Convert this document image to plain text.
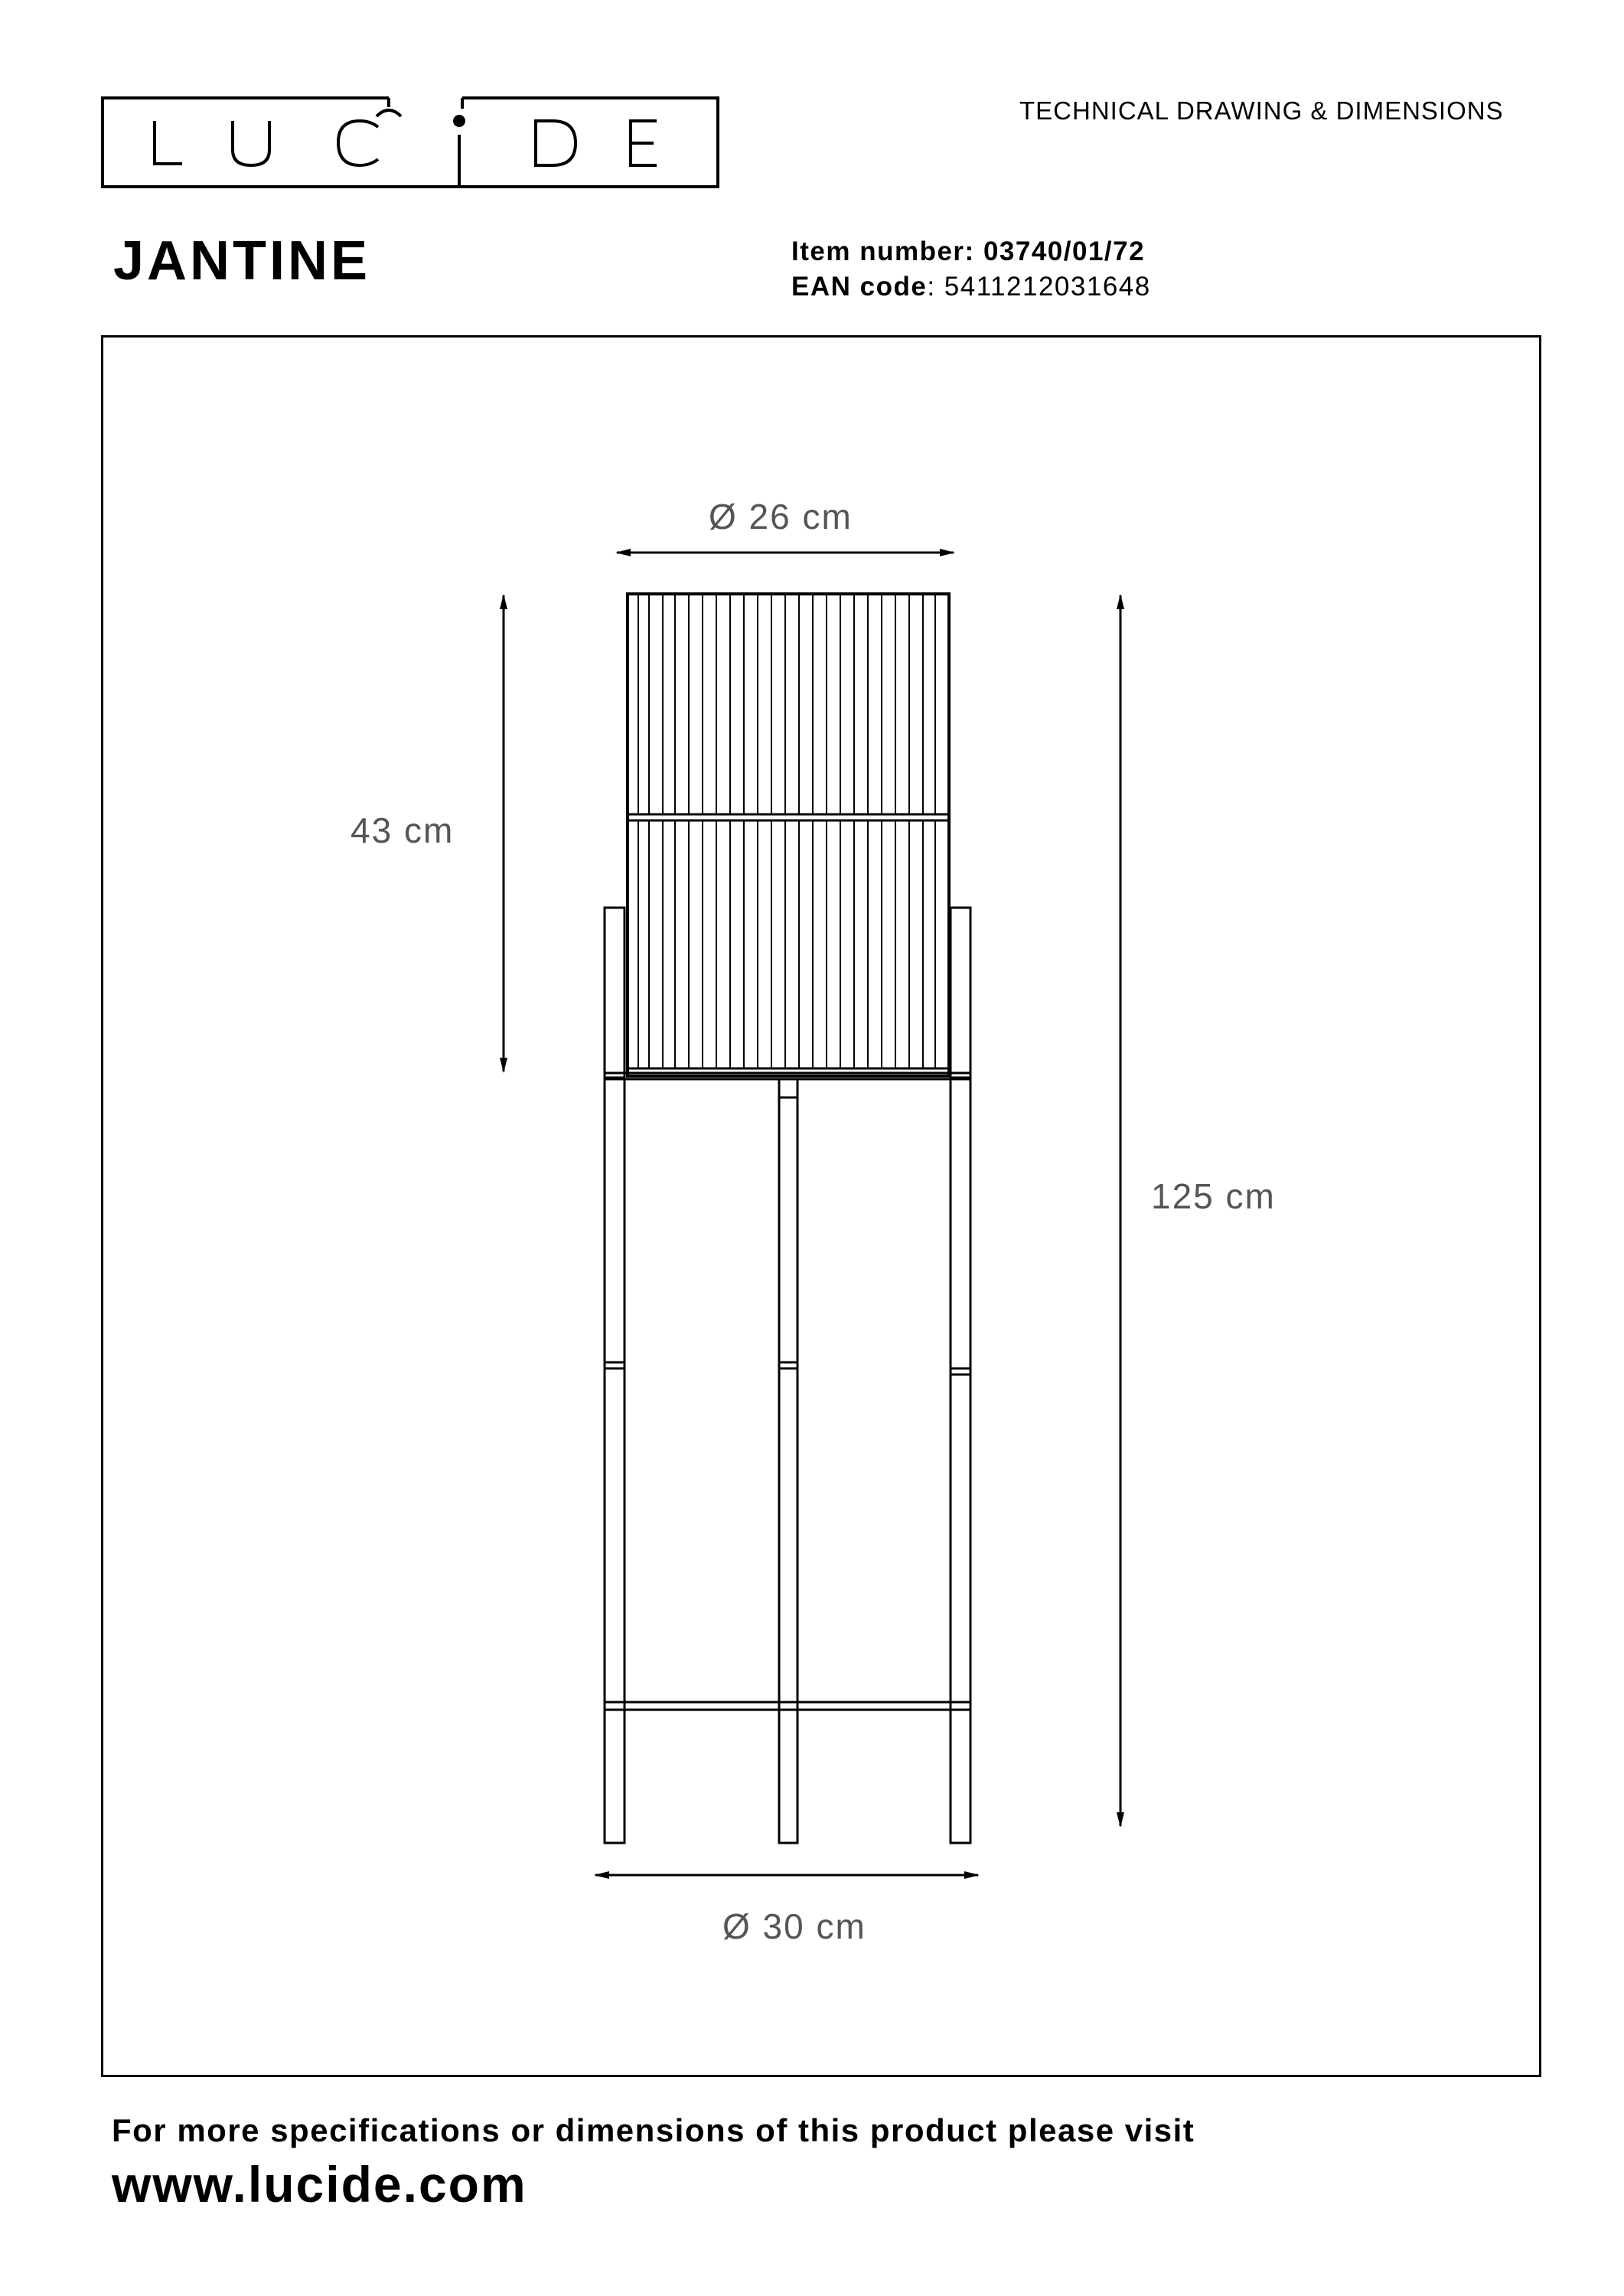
TECHNICAL DRAWING & DIMENSIONS
JANTINE	Item number: 03740/01/72
EAN code: 5411212031648
Ø 26 cm
43 cm
125 cm
Ø 30 cm
For more specifications or dimensions of this product please visit
www.lucide.com
